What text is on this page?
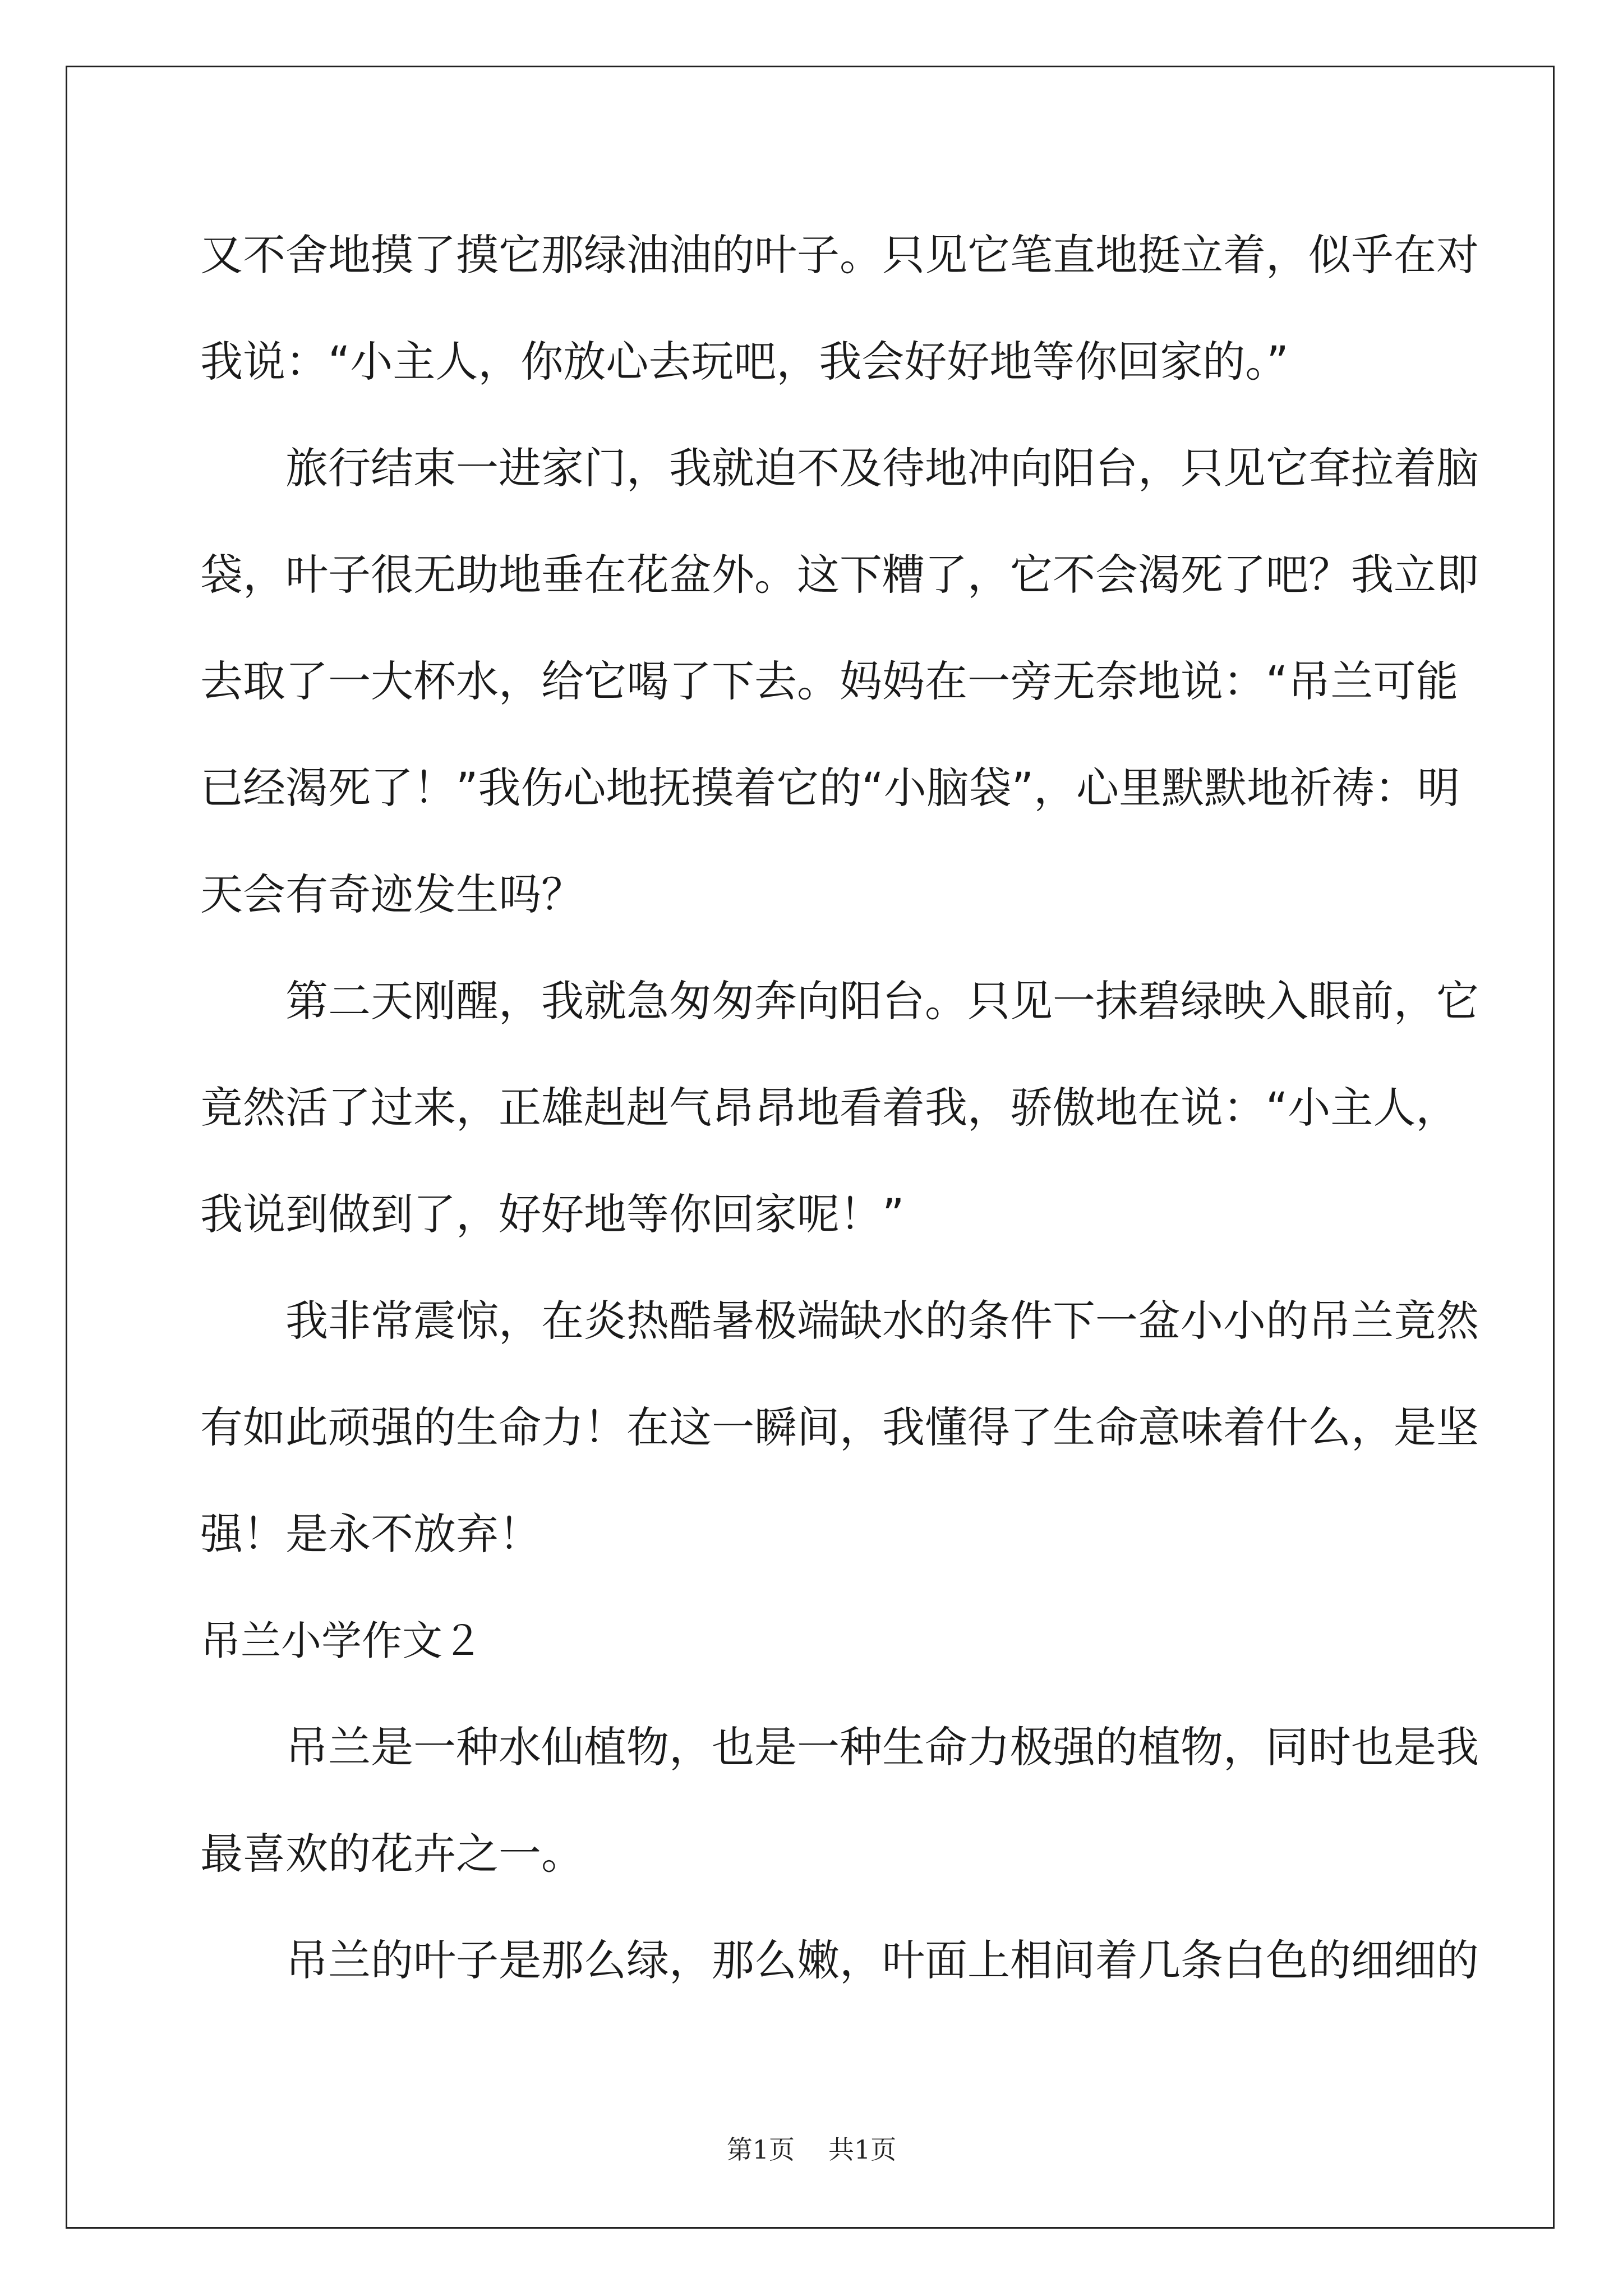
又不舍地摸了摸它那绿油油的叶子。只见它笔直地挺立着，似乎在对
我说：“小主人，你放心去玩吧，我会好好地等你回家的。”
旅行结束一进家门，我就迫不及待地冲向阳台，只见它耷拉着脑
袋，叶子很无助地垂在花盆外。这下糟了，它不会渴死了吧？我立即
去取了一大杯水，给它喝了下去。妈妈在一旁无奈地说：“吊兰可能
已经渴死了！”我伤心地抚摸着它的“小脑袋”，心里默默地祈祷：明
天会有奇迹发生吗？
第二天刚醒，我就急匆匆奔向阳台。只见一抹碧绿映入眼前，它
竟然活了过来，正雄赳赳气昂昂地看着我，骄傲地在说：“小主人，
我说到做到了，好好地等你回家呢！”
我非常震惊，在炎热酷暑极端缺水的条件下一盆小小的吊兰竟然
有如此顽强的生命力！在这一瞬间，我懂得了生命意味着什么，是坚
强！是永不放弃！
吊兰小学作文２
吊兰是一种水仙植物，也是一种生命力极强的植物，同时也是我
最喜欢的花卉之一。
吊兰的叶子是那么绿，那么嫩，叶面上相间着几条白色的细细的
第1页 共1页
